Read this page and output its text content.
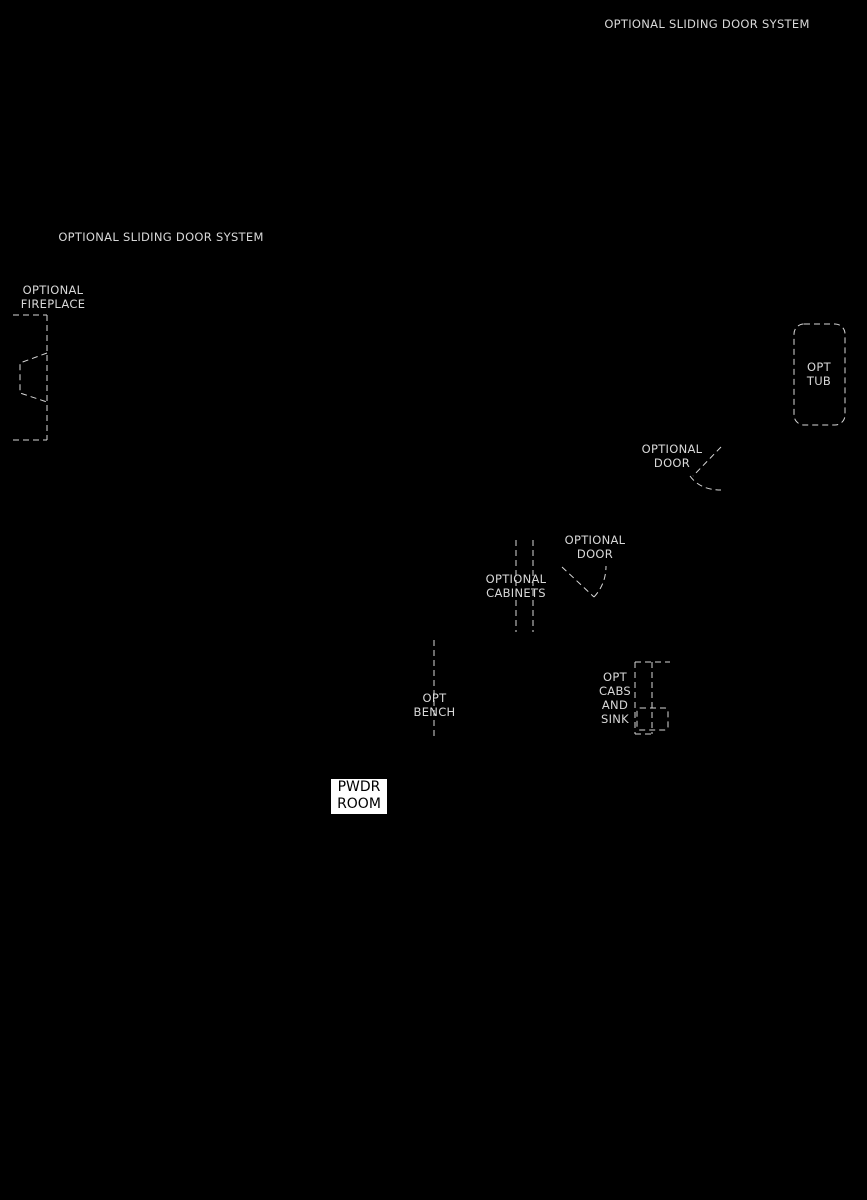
OPTIONAL SLIDING DOOR SYSTEM
OPTIONAL SLIDING DOOR SYSTEM
OPTIONAL
FIREPLACE
OPT
TUB
OPTIONAL
DOOR
OPTIONAL
DOOR
OPTIONAL
CABINETS
OPT
BENCH
OPT
CABS
AND
SINK
PWDR
ROOM
